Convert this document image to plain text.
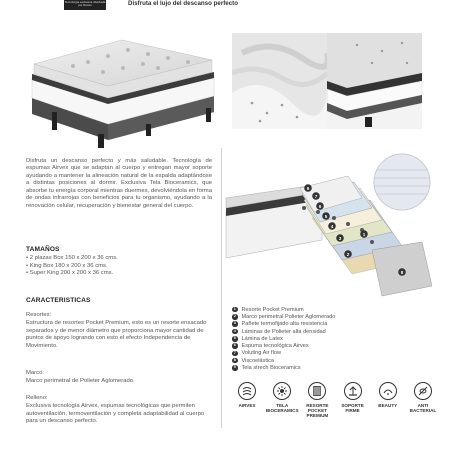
Tecnología exclusiva diseñada por Rosen	Disfruta el lujo del descanso perfecto

Disfruta un descanso perfecto y más saludable. Tecnología de espumas Airvex que se adaptan al cuerpo y entregan mayor soporte ayudando a mantener la alineación natural de la espalda adaptándose a distintas posiciones al dormir. Exclusiva Tela Bioceramics, que absorbe tu energía corporal mientras duermes, devolviéndola en forma de ondas infrarrojas con beneficios para tu organismo, ayudando a la renovación celular, recuperación y bienestar general del cuerpo.

TAMAÑOS
• 2 plazas Box 150 x 200 x 36 cms.
• King Box 180 x 200 x 36 cms.
• Super King 200 x 200 x 36 cms.
CARACTERISTICAS
Resortes:
Estructura de resortes Pocket Premium, esto es un resorte ensacado separados y de menor diámetro que proporciona mayor cantidad de puntos de apoyo logrando con esto el efecto Independencia de Movimiento.
Marco:
Marco perimetral de Polieter Aglomerado.
Relleno:
Exclusiva tecnología Airvex, espumas tecnológicas que permiten autoventilación, termoventilación y completa adaptabilidad al cuerpo para un descanso perfecto.
1
2
3
4
5
6
7
8
9
1	Resorte Pocket Premium
2	Marco perimetral Polieter Aglomerado
3	Pañete termofijado alta resistencia
4	Láminas de Polieter alta densidad
5	Lámina de Latex
6	Espuma tecnológica Airvex
7	Voluting Air flow
8	Viscoelástica
9	Tela strech Bioceramics
AIRVEX	TELA BIOCERAMICS
RESORTE POCKET PREMIUM
SOPORTE FIRME
BEAUTY	ANTI BACTERIAL
